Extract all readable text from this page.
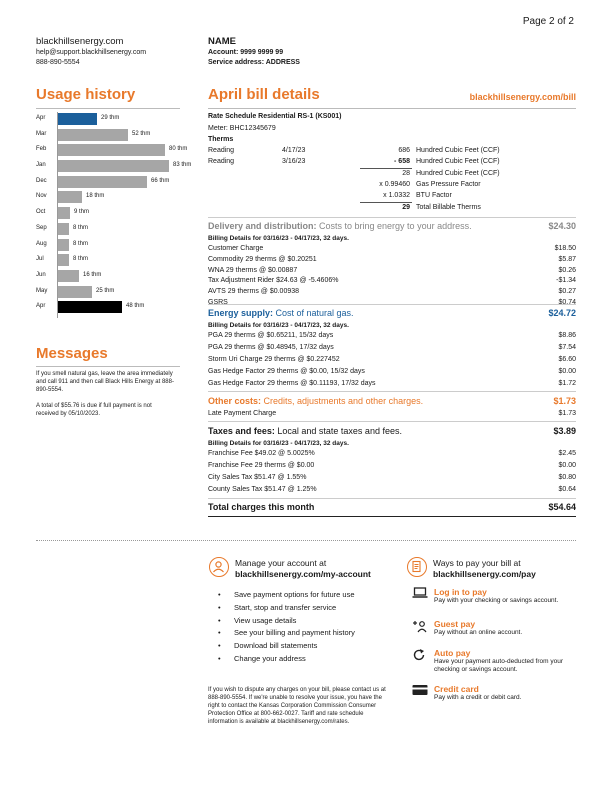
Page 2 of 2
blackhillsenergy.com
help@support.blackhillsenergy.com
888-890-5554
NAME
Account: 9999 9999 99
Service address: ADDRESS
Usage history
Apr	29 thm
Mar	52 thm
Feb	80 thm
Jan	83 thm
Dec	66 thm
Nov	18 thm
Oct	9 thm
Sep	8 thm
Aug	8 thm
Jul	8 thm
Jun	16 thm
May	25 thm
Apr	48 thm
Messages
If you smell natural gas, leave the area immediately and call 911 and then call Black Hills Energy at 888-890-5554.
A total of $55.76 is due if full payment is not received by 05/10/2023.
April bill details	blackhillsenergy.com/bill
Rate Schedule Residential RS-1 (KS001)
Meter: BHC12345679
Therms
Reading	4/17/23	686 Hundred Cubic Feet (CCF)
Reading	3/16/23	- 658 Hundred Cubic Feet (CCF)
28 Hundred Cubic Feet (CCF)
x 0.99460 Gas Pressure Factor
x 1.0332 BTU Factor
29 Total Billable Therms
Delivery and distribution: Costs to bring energy to your address.	$24.30
Billing Details for 03/16/23 - 04/17/23, 32 days.
Customer Charge	$18.50
Commodity 29 therms @ $0.20251	$5.87
WNA 29 therms @ $0.00887	$0.26
Tax Adjustment Rider $24.63 @ -5.4606%	-$1.34
AVTS 29 therms @ $0.00938	$0.27
GSRS	$0.74
Energy supply: Cost of natural gas.	$24.72
Billing Details for 03/16/23 - 04/17/23, 32 days.
PGA 29 therms @ $0.65211, 15/32 days	$8.86
PGA 29 therms @ $0.48945, 17/32 days	$7.54
Storm Uri Charge 29 therms @ $0.227452	$6.60
Gas Hedge Factor 29 therms @ $0.00, 15/32 days	$0.00
Gas Hedge Factor 29 therms @ $0.11193, 17/32 days	$1.72
Other costs: Credits, adjustments and other charges.	$1.73
Late Payment Charge	$1.73
Taxes and fees: Local and state taxes and fees.	$3.89
Billing Details for 03/16/23 - 04/17/23, 32 days.
Franchise Fee $49.02 @ 5.0025%	$2.45
Franchise Fee 29 therms @ $0.00	$0.00
City Sales Tax $51.47 @ 1.55%	$0.80
County Sales Tax $51.47 @ 1.25%	$0.64
Total charges this month	$54.64
Manage your account at
blackhillsenergy.com/my-account
• Save payment options for future use
• Start, stop and transfer service
• View usage details
• See your billing and payment history
• Download bill statements
• Change your address
If you wish to dispute any charges on your bill, please contact us at 888-890-5554. If we're unable to resolve your issue, you have the right to contact the Kansas Corporation Commission Consumer Protection Office at 800-662-0027. Tariff and rate schedule information is available at blackhillsenergy.com/rates.
Ways to pay your bill at
blackhillsenergy.com/pay
Log in to pay
Pay with your checking or savings account.
Guest pay
Pay without an online account.
Auto pay
Have your payment auto-deducted from your checking or savings account.
Credit card
Pay with a credit or debit card.
